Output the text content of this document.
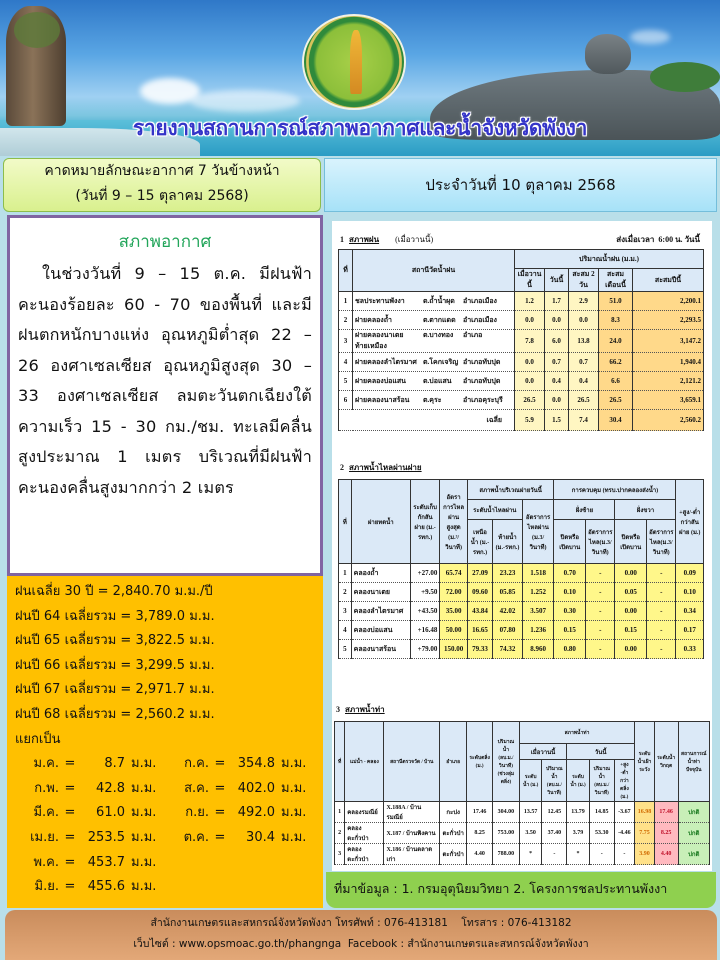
รายงานสถานการณ์สภาพอากาศและน้ำจังหวัดพังงา
คาดหมายลักษณะอากาศ 7 วันข้างหน้า
(วันที่ 9 – 15 ตุลาคม 2568)
ประจำวันที่ 10 ตุลาคม 2568
สภาพอากาศ
ในช่วงวันที่ 9 – 15 ต.ค. มีฝนฟ้าคะนองร้อยละ 60 - 70 ของพื้นที่ และมีฝนตกหนักบางแห่ง อุณหภูมิต่ำสุด 22 – 26 องศาเซลเซียส อุณหภูมิสูงสุด 30 – 33 องศาเซลเซียส ลมตะวันตกเฉียงใต้ ความเร็ว 15 - 30 กม./ชม. ทะเลมีคลื่นสูงประมาณ 1 เมตร บริเวณที่มีฝนฟ้าคะนองคลื่นสูงมากกว่า 2 เมตร
ฝนเฉลี่ย 30 ปี = 2,840.70 ม.ม./ปี
ฝนปี 64 เฉลี่ยรวม = 3,789.0 ม.ม.
ฝนปี 65 เฉลี่ยรวม = 3,822.5 ม.ม.
ฝนปี 66 เฉลี่ยรวม = 3,299.5 ม.ม.
ฝนปี 67 เฉลี่ยรวม = 2,971.7 ม.ม.
ฝนปี 68 เฉลี่ยรวม = 2,560.2 ม.ม.
แยกเป็น
ม.ค. =	8.7 ม.ม.	ก.ค. = 354.8 ม.ม.
ก.พ. =	42.8 ม.ม.	ส.ค. = 402.0 ม.ม.
มี.ค. =	61.0 ม.ม.	ก.ย. = 492.0 ม.ม.
เม.ย. = 253.5 ม.ม.	ต.ค. =	30.4 ม.ม.
พ.ค. = 453.7 ม.ม.
มิ.ย. = 455.6 ม.ม.
1 สภาพฝน (เมื่อวานนี้)	ส่งเมื่อเวลา 6:00 น. วันนี้
ที่	สถานีวัดน้ำฝน	ปริมาณน้ำฝน (ม.ม.)				
		เมื่อวานนี้	วันนี้	สะสม 2 วัน	สะสมเดือนนี้	สะสมปีนี้
1	ชลประทานพังงา ต.ถ้ำน้ำผุด อำเภอเมือง	1.2	1.7	2.9	51.0	2,200.1
2	ฝายคลองถ้ำ ต.ตากแดด อำเภอเมือง	0.0	0.0	0.0	8.3	2,293.5
3	ฝายคลองนาเตย ต.บางทอง อำเภอท้ายเหมือง	7.8	6.0	13.8	24.0	3,147.2
4	ฝายคลองลำไตรมาศ ต.โคกเจริญ อำเภอทับปุด	0.0	0.7	0.7	66.2	1,940.4
5	ฝายคลองบ่อแสน ต.บ่อแสน อำเภอทับปุด	0.0	0.4	0.4	6.6	2,121.2
6	ฝายคลองนาสร้อน ต.คุระ อำเภอคุระบุรี	26.5	0.0	26.5	26.5	3,659.1
เฉลี่ย		5.9	1.5	7.4	30.4	2,560.2
2 สภาพน้ำไหลผ่านฝาย
ที่	ฝายทดน้ำ	ระดับเก็บกักสันฝาย (ม.-รทก.)	อัตราการไหลผ่านสูงสุด (ม.³/วินาที)	สภาพน้ำบริเวณฝายวันนี้			การควบคุม (ทรบ.ปากคลองส่งน้ำ)				+สูง/-ต่ำกว่าสันฝาย (ม.)
				ระดับน้ำไหลผ่าน		อัตราการไหลผ่าน (ม.3/วินาที)	ฝั่งซ้าย		ฝั่งขวา		
				เหนือน้ำ (ม.-รทก.)	ท้ายน้ำ (ม.-รทก.)		ปิดหรือเปิดบาน	อัตราการไหล(ม.3/วินาที)	ปิดหรือเปิดบาน	อัตราการไหล(ม.3/วินาที)	
1	คลองถ้ำ	+27.00	65.74	27.09	23.23	1.518	0.70	-	0.00	-	0.09
2	คลองนาเตย	+9.50	72.00	09.60	05.85	1.252	0.10	-	0.05	-	0.10
3	คลองลำไตรมาศ	+43.50	35.00	43.84	42.02	3.507	0.30	-	0.00	-	0.34
4	คลองบ่อแสน	+16.48	50.00	16.65	07.80	1.236	0.15	-	0.15	-	0.17
5	คลองนาสร้อน	+79.00	150.00	79.33	74.32	8.960	0.80	-	0.00	-	0.33
3 สภาพน้ำท่า
ที่	แม่น้ำ - คลอง	สถานีตรวจวัด / บ้าน	อำเภอ	ระดับตลิ่ง (ม.)	ปริมาณน้ำ (ลบ.ม./วินาที) (ช่วงลุ่มตลิ่ง)	สภาพน้ำท่า					ระดับน้ำเฝ้าระวัง	ระดับน้ำวิกฤต	สถานการณ์น้ำท่าปัจจุบัน
						เมื่อวานนี้		วันนี้					
						ระดับน้ำ (ม.)	ปริมาณน้ำ (ลบ.ม./วินาที)	ระดับน้ำ (ม.)	ปริมาณน้ำ (ลบ.ม./วินาที)	+สูง -ต่ำกว่าตลิ่ง (ม.)			
1	คลองรมณีย์	X.188A / บ้านรมณีย์	กะปง	17.46	304.00	13.57	12.45	13.79	14.85	-3.67	16.98	17.46	ปกติ
2	คลองตะกั่วป่า	X.187 / บ้านพิงคาน	ตะกั่วป่า	8.25	753.00	3.50	37.40	3.79	53.30	-4.46	7.75	8.25	ปกติ
3	คลองตะกั่วป่า	X.186 / บ้านตลาดเก่า	ตะกั่วป่า	4.40	788.00	*	-	*	-	-	3.90	4.40	ปกติ
ที่มาข้อมูล : 1. กรมอุตุนิยมวิทยา 2. โครงการชลประทานพังงา
สำนักงานเกษตรและสหกรณ์จังหวัดพังงา โทรศัพท์ : 076-413181    โทรสาร : 076-413182
เว็บไซต์ : www.opsmoac.go.th/phangnga  Facebook : สำนักงานเกษตรและสหกรณ์จังหวัดพังงา
